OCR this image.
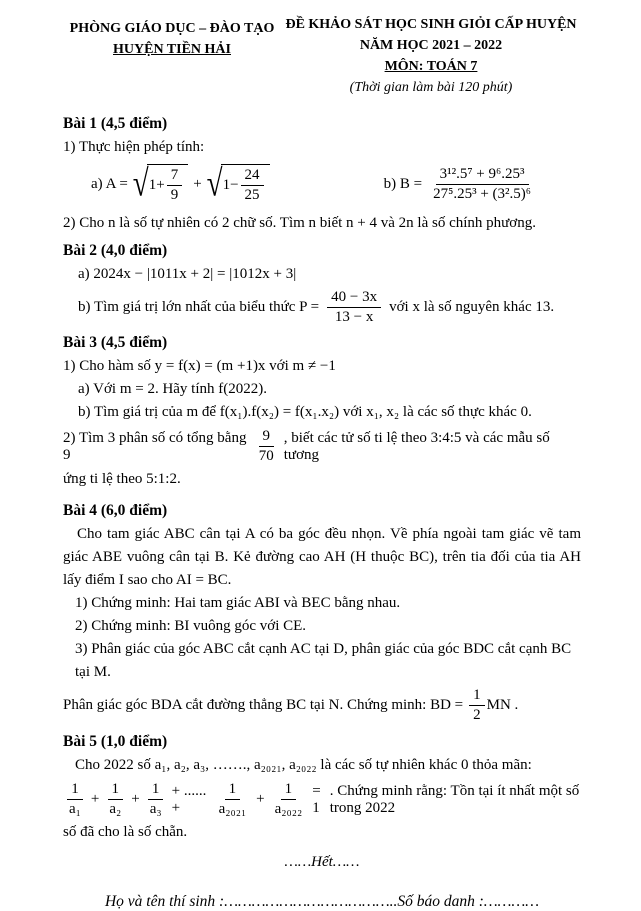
PHÒNG GIÁO DỤC – ĐÀO TẠO
HUYỆN TIỀN HẢI
ĐỀ KHẢO SÁT HỌC SINH GIỎI CẤP HUYỆN
NĂM HỌC 2021 – 2022
MÔN: TOÁN 7
(Thời gian làm bài 120 phút)
Bài 1 (4,5 điểm)
1) Thực hiện phép tính:
a) A = √ $1+ \frac{7}{9}$ + √ $1- \frac{24}{25}$	b) $B = \frac{\text{3¹².5⁷ + 9⁶.25³}}{\text{27⁵.25³ + (3².5)⁶}}$
2) Cho n là số tự nhiên có 2 chữ số. Tìm n biết n + 4 và 2n là số chính phương.
Bài 2 (4,0 điểm)
a) 2024x − |1011x + 2| = |1012x + 3|
b) Tìm giá trị lớn nhất của biểu thức $P = \frac{40 - 3x}{13 - x}$ với x là số nguyên khác 13.
Bài 3 (4,5 điểm)
1) Cho hàm số y = f(x) = (m +1)x với m ≠ −1
a) Với m = 2. Hãy tính f(2022).
b) Tìm giá trị của m để f(x₁).f(x₂) = f(x₁.x₂) với x₁, x₂ là các số thực khác 0.
2) Tìm 3 phân số có tổng bằng 9	$\frac{9}{70}$ , biết các tử số ti lệ theo 3:4:5 và các mẫu số tương
ứng ti lệ theo 5:1:2.
Bài 4 (6,0 điểm)
Cho tam giác ABC cân tại A có ba góc đều nhọn. Về phía ngoài tam giác vẽ tam giác ABE vuông cân tại B. Kẻ đường cao AH (H thuộc BC), trên tia đối của tia AH lấy điểm I sao cho AI = BC.
1) Chứng minh: Hai tam giác ABI và BEC bằng nhau.
2) Chứng minh: BI vuông góc với CE.
3) Phân giác của góc ABC cắt cạnh AC tại D, phân giác của góc BDC cắt cạnh BC tại M.
Phân giác góc BDA cắt đường thẳng BC tại N. Chứng minh: BD = $\frac{1}{2}$ MN .
Bài 5 (1,0 điểm)
Cho 2022 số a₁, a₂, a₃, ……., a₂₀₂₁, a₂₀₂₂ là các số tự nhiên khác 0 thỏa mãn:
$\frac{1}{\text{a₁}} + \frac{1}{\text{a₂}} + \frac{1}{\text{a₃}}$ + ...... +	$\frac{1}{\text{a₂₀₂₁}} + \frac{1}{\text{a₂₀₂₂}} = 1$
. Chứng minh rằng: Tồn tại ít nhất một số trong 2022
số đã cho là số chẵn.
……Hết……
Họ và tên thí sinh :………………………………..Số báo danh :…………
